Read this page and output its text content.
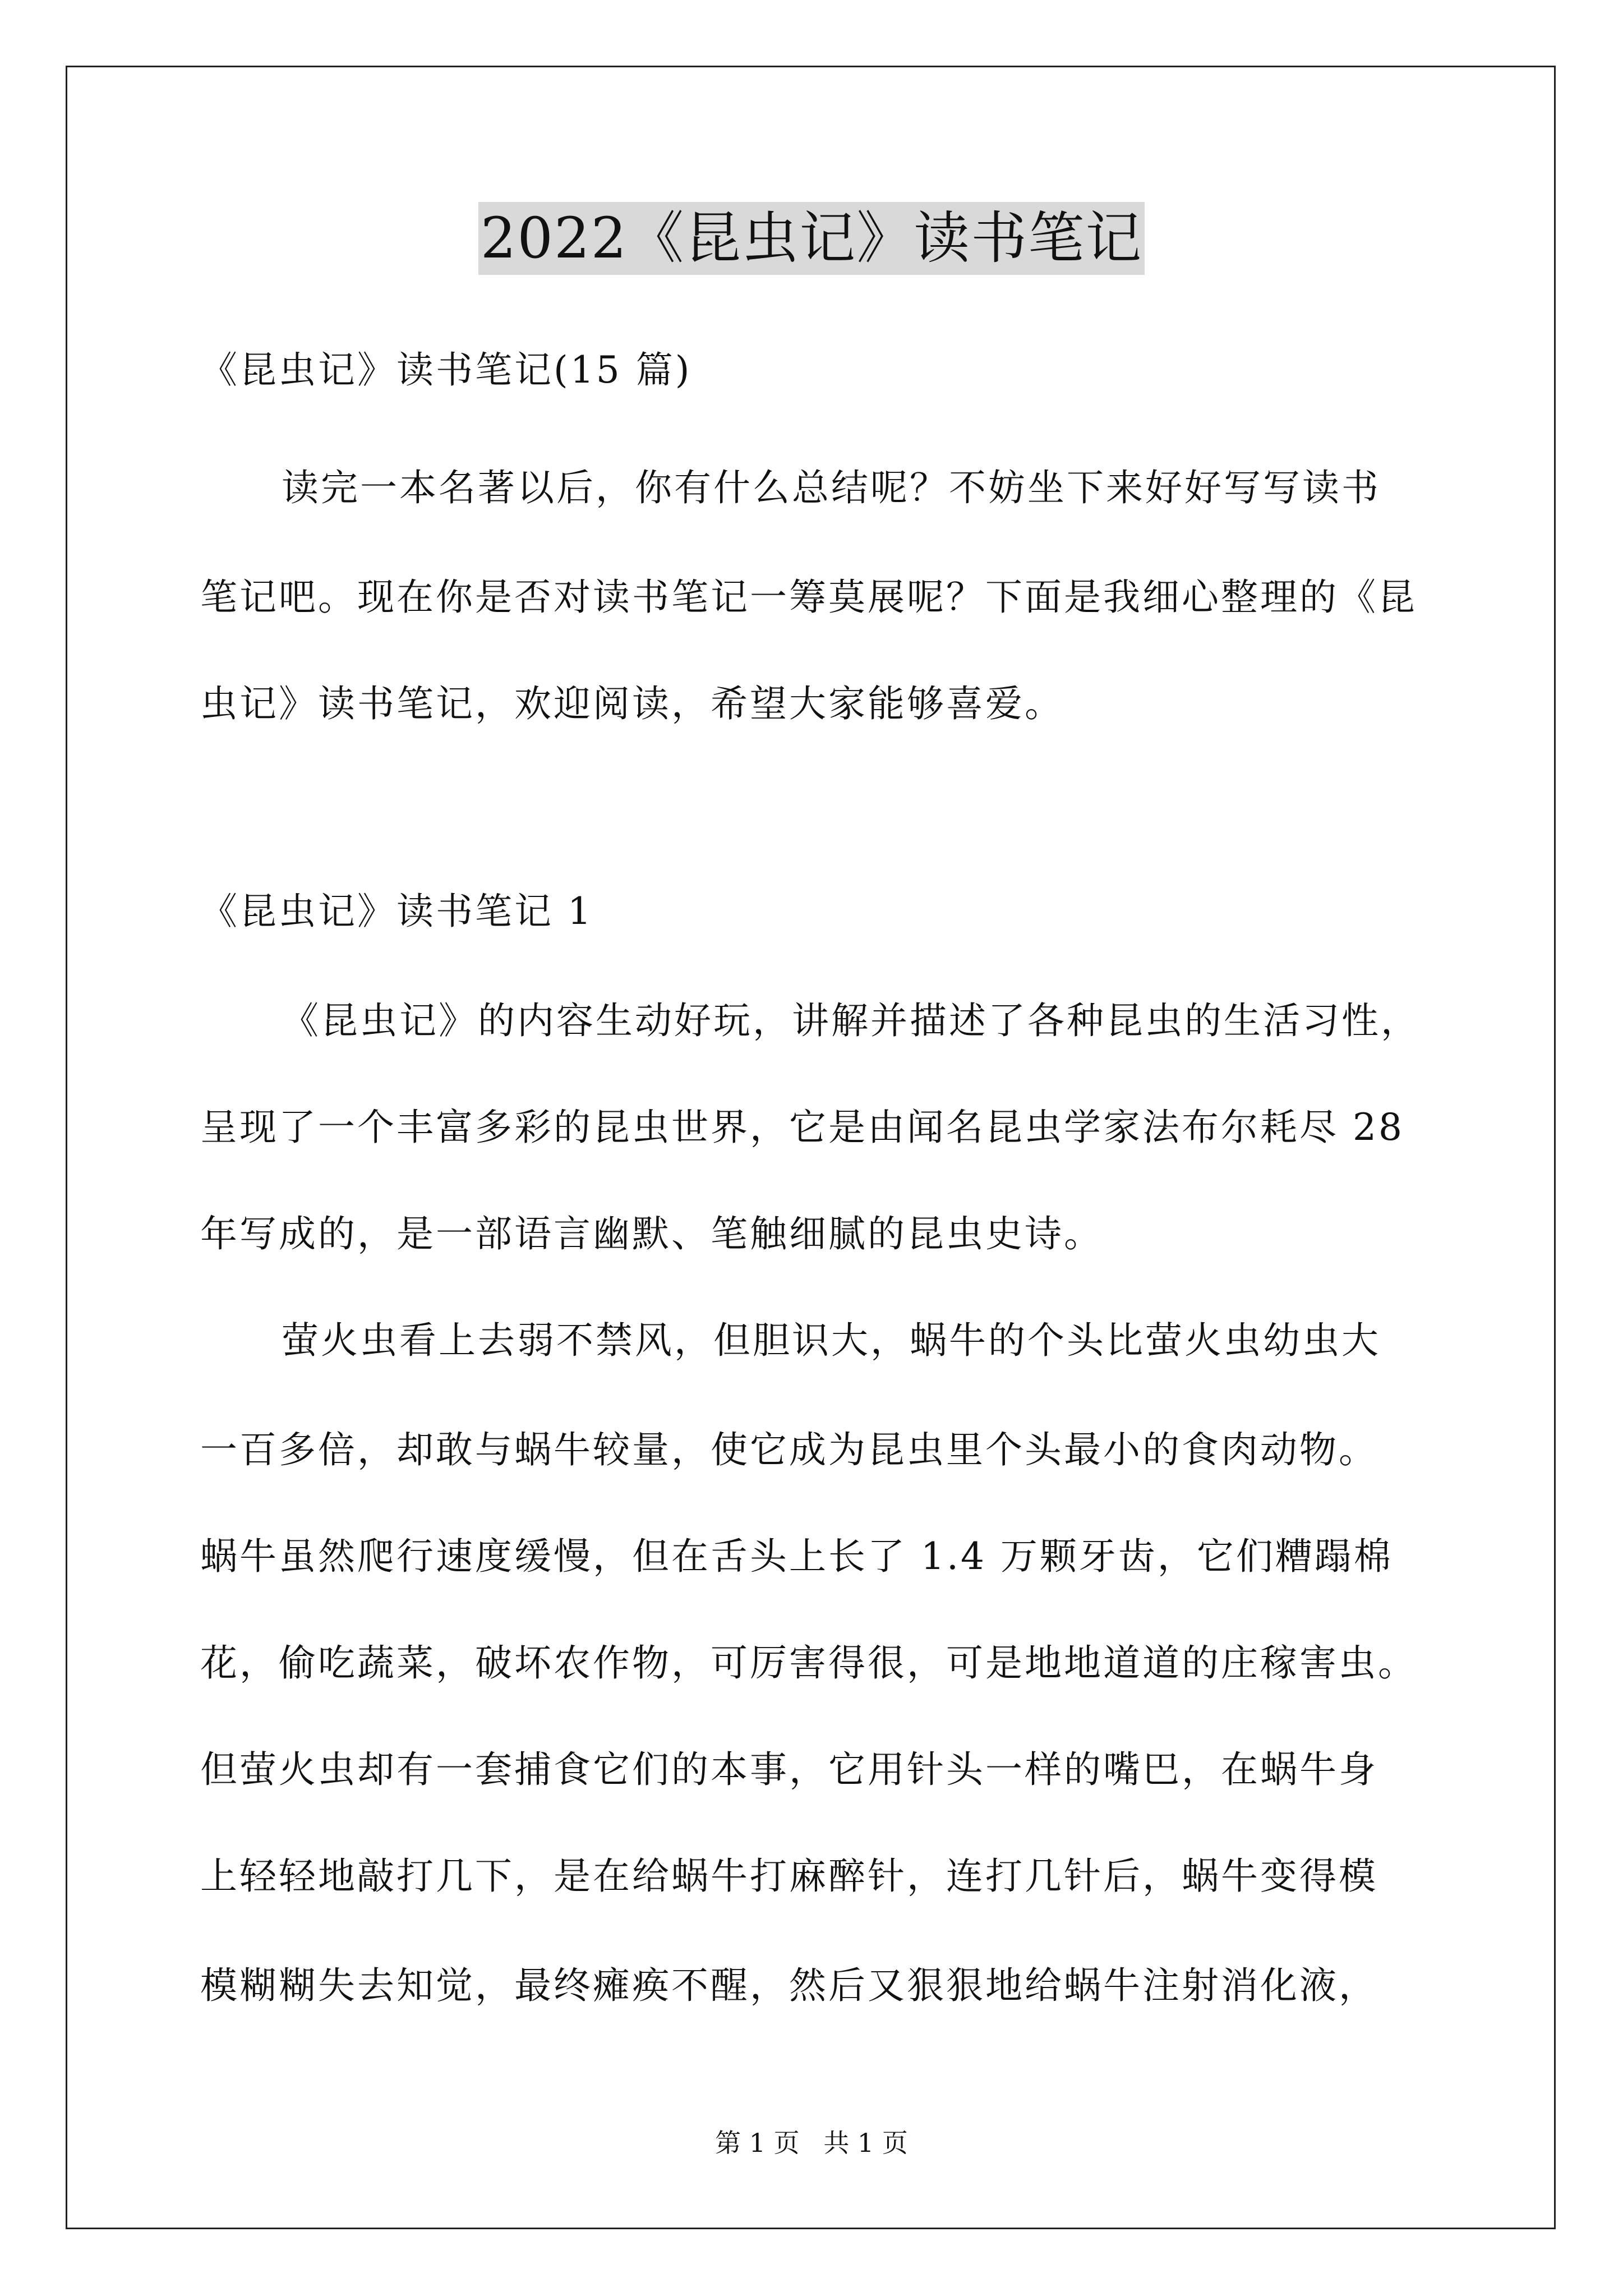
2022《昆虫记》读书笔记
《昆虫记》读书笔记(15 篇)
读完一本名著以后，你有什么总结呢？不妨坐下来好好写写读书
笔记吧。现在你是否对读书笔记一筹莫展呢？下面是我细心整理的《昆
虫记》读书笔记，欢迎阅读，希望大家能够喜爱。
《昆虫记》读书笔记 1
《昆虫记》的内容生动好玩，讲解并描述了各种昆虫的生活习性，
呈现了一个丰富多彩的昆虫世界，它是由闻名昆虫学家法布尔耗尽 28
年写成的，是一部语言幽默、笔触细腻的昆虫史诗。
萤火虫看上去弱不禁风，但胆识大，蜗牛的个头比萤火虫幼虫大
一百多倍，却敢与蜗牛较量，使它成为昆虫里个头最小的食肉动物。
蜗牛虽然爬行速度缓慢，但在舌头上长了 1.4 万颗牙齿，它们糟蹋棉
花，偷吃蔬菜，破坏农作物，可厉害得很，可是地地道道的庄稼害虫。
但萤火虫却有一套捕食它们的本事，它用针头一样的嘴巴，在蜗牛身
上轻轻地敲打几下，是在给蜗牛打麻醉针，连打几针后，蜗牛变得模
模糊糊失去知觉，最终瘫痪不醒，然后又狠狠地给蜗牛注射消化液，
第 1 页 共 1 页
